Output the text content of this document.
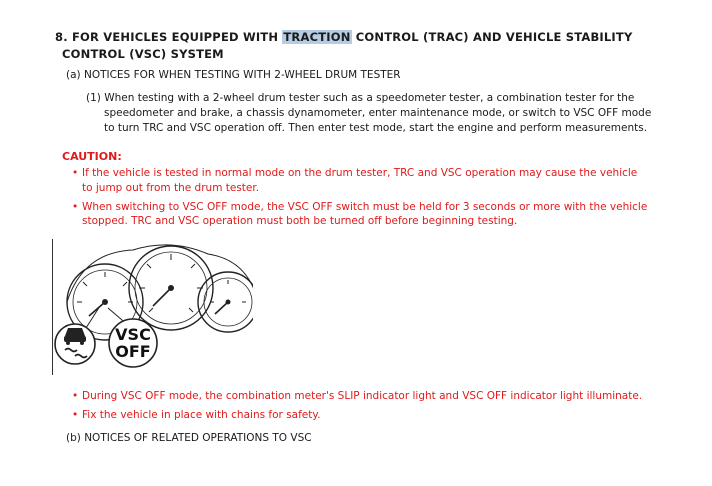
8. FOR VEHICLES EQUIPPED WITH TRACTION CONTROL (TRAC) AND VEHICLE STABILITY
CONTROL (VSC) SYSTEM
(a) NOTICES FOR WHEN TESTING WITH 2-WHEEL DRUM TESTER
(1) When testing with a 2-wheel drum tester such as a speedometer tester, a combination tester for the
speedometer and brake, a chassis dynamometer, enter maintenance mode, or switch to VSC OFF mode
to turn TRC and VSC operation off. Then enter test mode, start the engine and perform measurements.
CAUTION:
• If the vehicle is tested in normal mode on the drum tester, TRC and VSC operation may cause the vehicle
to jump out from the drum tester.
• When switching to VSC OFF mode, the VSC OFF switch must be held for 3 seconds or more with the vehicle
stopped. TRC and VSC operation must both be turned off before beginning testing.
VSC
OFF
• During VSC OFF mode, the combination meter's SLIP indicator light and VSC OFF indicator light illuminate.
• Fix the vehicle in place with chains for safety.
(b) NOTICES OF RELATED OPERATIONS TO VSC
